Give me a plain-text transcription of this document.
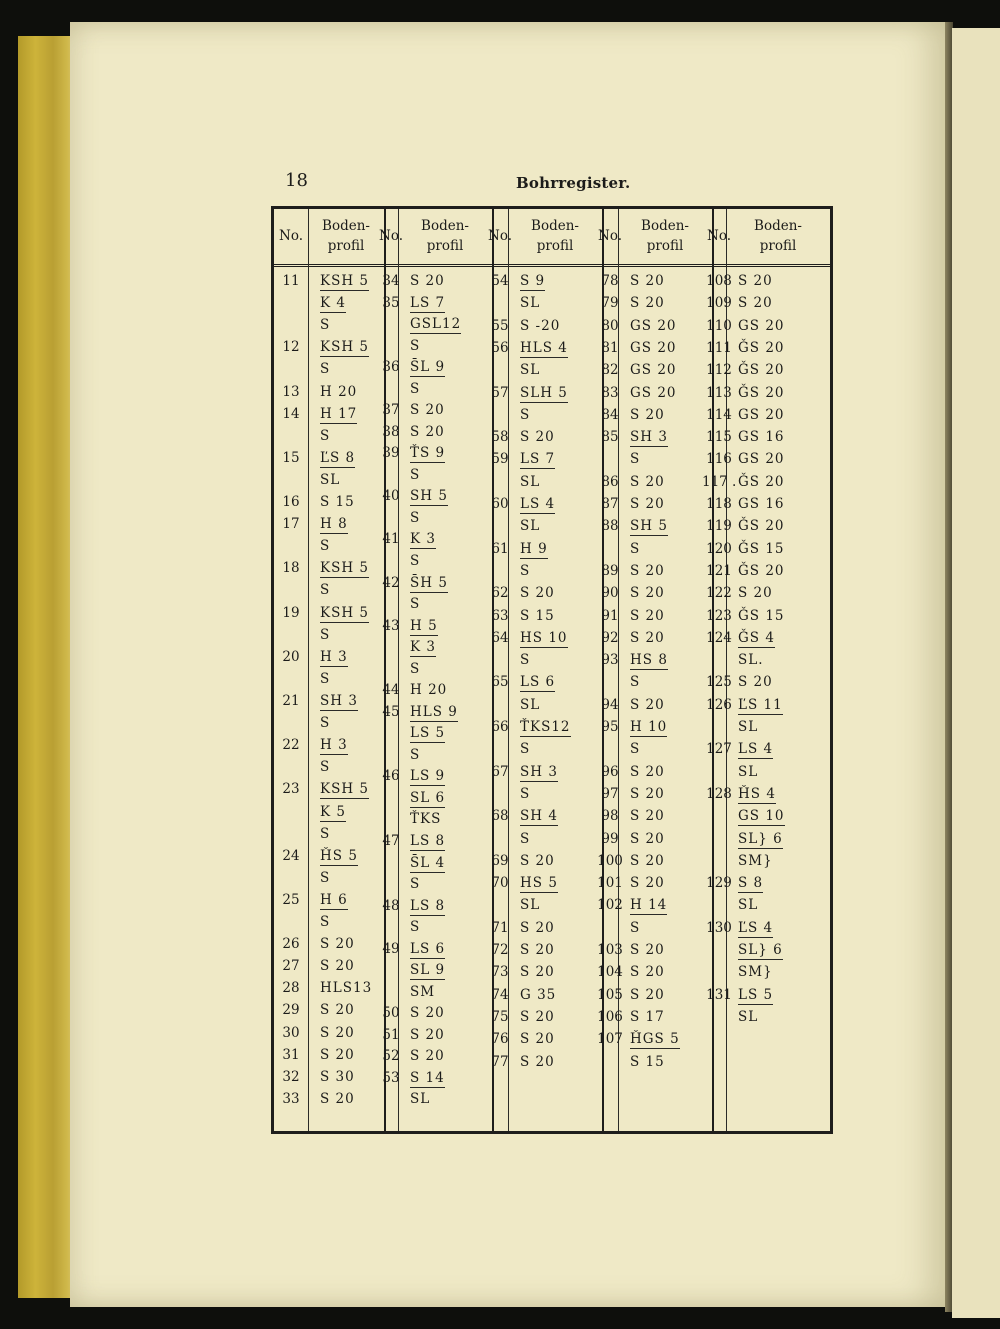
18	Bohrregister.
No.
Boden-
profil
No.
Boden-
profil
No.
Boden-
profil
No.
Boden-
profil
No.
Boden-
profil
11	KSH 5
K 4
S
12	KSH 5
S
13	H 20
14	H 17
S
15	ĽS 8
SL
16	S 15
17	H 8
S
18	KSH 5
S
19	KSH 5
S
20	H 3
S
21	SH 3
S
22	H 3
S
23	KSH 5
K 5
S
24	ȞS 5
S
25	H 6
S
26	S 20
27	S 20
28	HLS13
29	S 20
30	S 20
31	S 20
32	S 30
33	S 20
34 S 20
35 LS 7
GSL12
S
36 S̄L 9
S
37 S 20
38 S 20
39 ŤS 9
S
40 SH 5
S
41 K 3
S
42 S̄H 5
S
43 H 5
K 3
S
44 H 20
45 HLS 9
LS 5
S
46 LS 9
SL 6
ŤKS
47 LS 8
S̄L 4
S
48 LS 8
S
49 LS 6
SL 9
SM
50 S 20
51 S 20
52 S 20
53 S 14
SL
54 S 9
SL
55 S -20
56 HLS 4
SL
57 SLH 5
S
58 S 20
59 LS 7
SL
60 LS 4
SL
61 H 9
S
62 S 20
63 S 15
64 HS 10
S
65 LS 6
SL
66 ŤKS12
S
67 SH 3
S
68 SH 4
S
69 S 20
70 HS 5
SL
71 S 20
72 S 20
73 S 20
74 G 35
75 S 20
76 S 20
77 S 20
78 S 20
79 S 20
80 GS 20
81 GS 20
82 GS 20
83 GS 20
84 S 20
85 SH 3
S
86 S 20
87 S 20
88 SH 5
S
89 S 20
90 S 20
91 S 20
92 S 20
93 HS 8
S
94 S 20
95 H 10
S
96 S 20
97 S 20
98 S 20
99 S 20
100 S 20
101 S 20
102 H 14
S
103 S 20
104 S 20
105 S 20
106 S 17
107 ȞGS 5
S 15
108 S 20
109 S 20
110 GS 20
111 ǦS 20
112 ǦS 20
113 ǦS 20
114 GS 20
115 GS 16
116 GS 20
117 . ǦS 20
118 GS 16
119 ǦS 20
120 ǦS 15
121 ǦS 20
122 S 20
123 ǦS 15
124 ǦS 4
SL.
125 S 20
126 ĽS 11
SL
127 LS 4
SL
128 ȞS 4
GS 10
SL} 6
SM}
129 S 8
SL
130 ĽS 4
SL} 6
SM}
131 LS 5
SL
